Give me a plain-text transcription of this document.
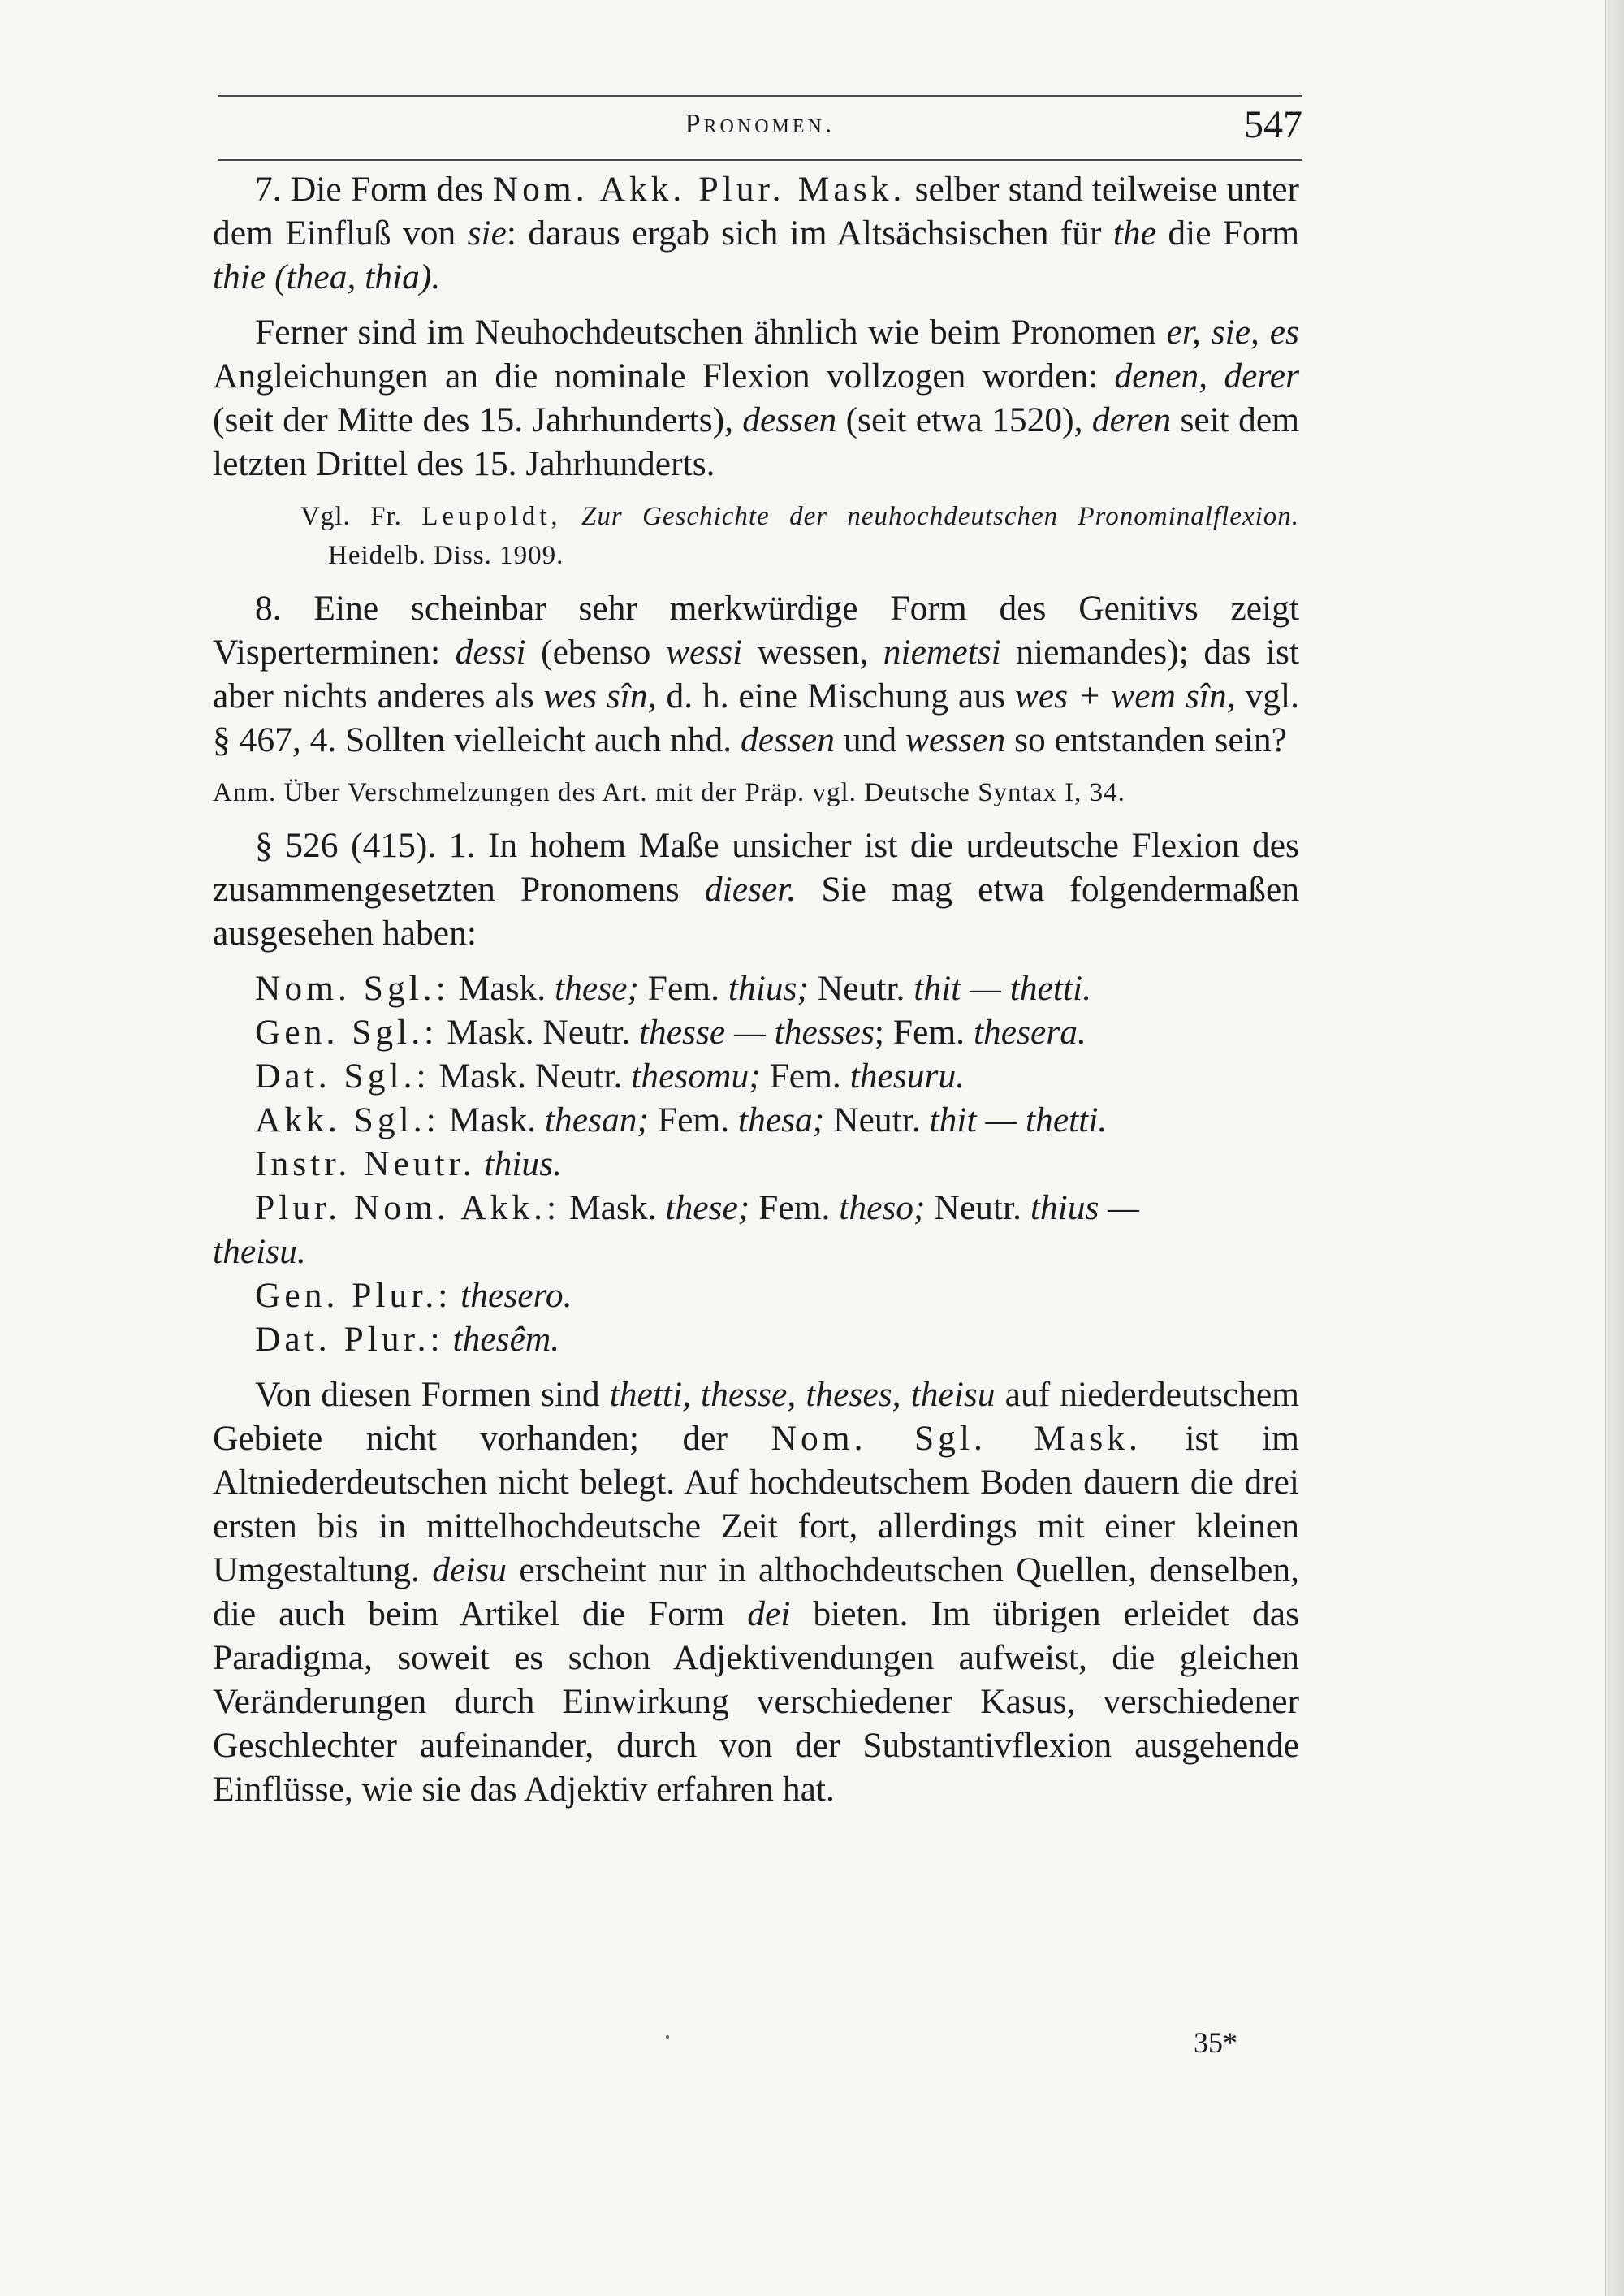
Pronomen.	547

7. Die Form des Nom. Akk. Plur. Mask. selber stand teilweise unter dem Einfluß von sie: daraus ergab sich im Altsächsischen für the die Form thie (thea, thia).

Ferner sind im Neuhochdeutschen ähnlich wie beim Pronomen er, sie, es Angleichungen an die nominale Flexion vollzogen worden: denen, derer (seit der Mitte des 15. Jahrhunderts), dessen (seit etwa 1520), deren seit dem letzten Drittel des 15. Jahrhunderts.

Vgl. Fr. Leupoldt, Zur Geschichte der neuhochdeutschen Pronominalflexion. Heidelb. Diss. 1909.

8. Eine scheinbar sehr merkwürdige Form des Genitivs zeigt Visperterminen: dessi (ebenso wessi wessen, niemetsi niemandes); das ist aber nichts anderes als wes sîn, d. h. eine Mischung aus wes + wem sîn, vgl. § 467, 4. Sollten vielleicht auch nhd. dessen und wessen so entstanden sein?

Anm. Über Verschmelzungen des Art. mit der Präp. vgl. Deutsche Syntax I, 34.

§ 526 (415). 1. In hohem Maße unsicher ist die urdeutsche Flexion des zusammengesetzten Pronomens dieser. Sie mag etwa folgendermaßen ausgesehen haben:

Nom. Sgl.: Mask. these; Fem. thius; Neutr. thit — thetti.

Gen. Sgl.: Mask. Neutr. thesse — thesses; Fem. thesera.

Dat. Sgl.: Mask. Neutr. thesomu; Fem. thesuru.

Akk. Sgl.: Mask. thesan; Fem. thesa; Neutr. thit — thetti.

Instr. Neutr. thius.

Plur. Nom. Akk.: Mask. these; Fem. theso; Neutr. thius —

theisu.

Gen. Plur.: thesero.

Dat. Plur.: thesêm.

Von diesen Formen sind thetti, thesse, theses, theisu auf niederdeutschem Gebiete nicht vorhanden; der Nom. Sgl. Mask. ist im Altniederdeutschen nicht belegt. Auf hochdeutschem Boden dauern die drei ersten bis in mittelhochdeutsche Zeit fort, allerdings mit einer kleinen Umgestaltung. deisu erscheint nur in althochdeutschen Quellen, denselben, die auch beim Artikel die Form dei bieten. Im übrigen erleidet das Paradigma, soweit es schon Adjektivendungen aufweist, die gleichen Veränderungen durch Einwirkung verschiedener Kasus, verschiedener Geschlechter aufeinander, durch von der Substantivflexion ausgehende Einflüsse, wie sie das Adjektiv erfahren hat.

35*
